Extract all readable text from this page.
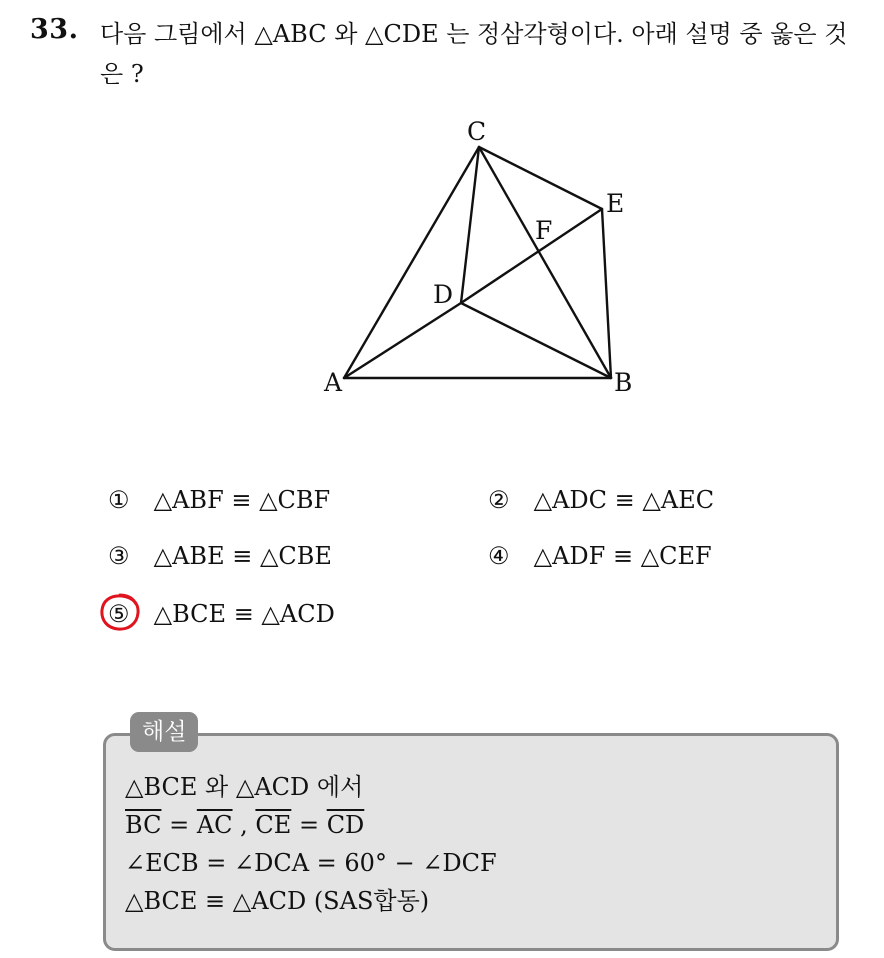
33. 다음 그림에서 △ABC 와 △CDE 는 정삼각형이다. 아래 설명 중 옳은 것은 ?

C
E
F
D
A	B
① △ABF ≡ △CBF	② △ADC ≡ △AEC
③ △ABE ≡ △CBE	④ △ADF ≡ △CEF
⑤ △BCE ≡ △ACD
해설
△BCE 와 △ACD 에서
$\overline{BC} = \overline{AC}$ , $\overline{CE} = \overline{CD}$
∠ECB = ∠DCA = 60° − ∠DCF
△BCE ≡ △ACD (SAS합동)
